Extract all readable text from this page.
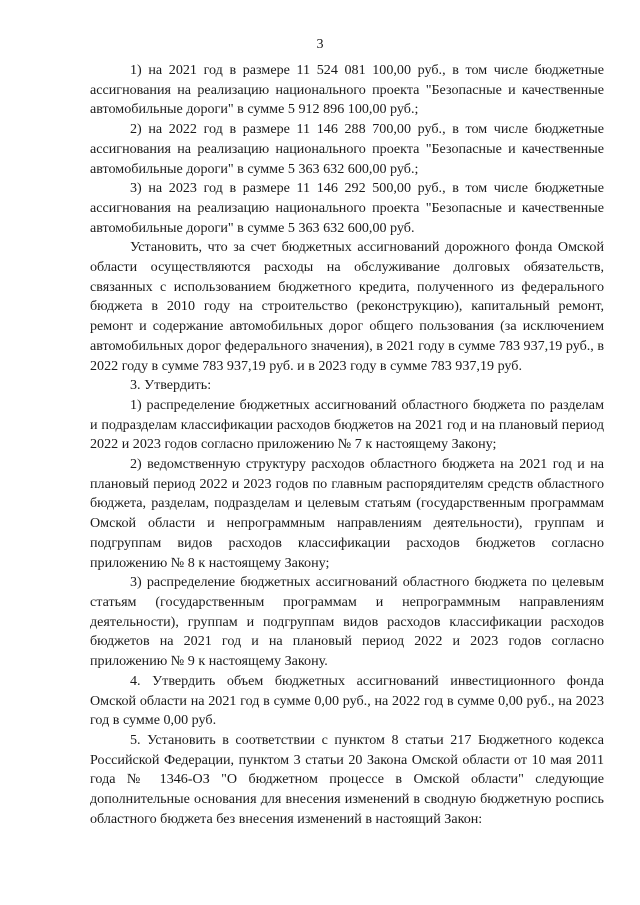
3

1) на 2021 год в размере 11 524 081 100,00 руб., в том числе бюджетные ассигнования на реализацию национального проекта "Безопасные и качественные автомобильные дороги" в сумме 5 912 896 100,00 руб.;

2) на 2022 год в размере 11 146 288 700,00 руб., в том числе бюджетные ассигнования на реализацию национального проекта "Безопасные и качественные автомобильные дороги" в сумме 5 363 632 600,00 руб.;

3) на 2023 год в размере 11 146 292 500,00 руб., в том числе бюджетные ассигнования на реализацию национального проекта "Безопасные и качественные автомобильные дороги" в сумме 5 363 632 600,00 руб.

Установить, что за счет бюджетных ассигнований дорожного фонда Омской области осуществляются расходы на обслуживание долговых обязательств, связанных с использованием бюджетного кредита, полученного из федерального бюджета в 2010 году на строительство (реконструкцию), капитальный ремонт, ремонт и содержание автомобильных дорог общего пользования (за исключением автомобильных дорог федерального значения), в 2021 году в сумме 783 937,19 руб., в 2022 году в сумме 783 937,19 руб. и в 2023 году в сумме 783 937,19 руб.

3. Утвердить:

1) распределение бюджетных ассигнований областного бюджета по разделам и подразделам классификации расходов бюджетов на 2021 год и на плановый период 2022 и 2023 годов согласно приложению № 7 к настоящему Закону;

2) ведомственную структуру расходов областного бюджета на 2021 год и на плановый период 2022 и 2023 годов по главным распорядителям средств областного бюджета, разделам, подразделам и целевым статьям (государственным программам Омской области и непрограммным направлениям деятельности), группам и подгруппам видов расходов классификации расходов бюджетов согласно приложению № 8 к настоящему Закону;

3) распределение бюджетных ассигнований областного бюджета по целевым статьям (государственным программам и непрограммным направлениям деятельности), группам и подгруппам видов расходов классификации расходов бюджетов на 2021 год и на плановый период 2022 и 2023 годов согласно приложению № 9 к настоящему Закону.

4. Утвердить объем бюджетных ассигнований инвестиционного фонда Омской области на 2021 год в сумме 0,00 руб., на 2022 год в сумме 0,00 руб., на 2023 год в сумме 0,00 руб.

5. Установить в соответствии с пунктом 8 статьи 217 Бюджетного кодекса Российской Федерации, пунктом 3 статьи 20 Закона Омской области от 10 мая 2011 года № 1346-ОЗ "О бюджетном процессе в Омской области" следующие дополнительные основания для внесения изменений в сводную бюджетную роспись областного бюджета без внесения изменений в настоящий Закон:
